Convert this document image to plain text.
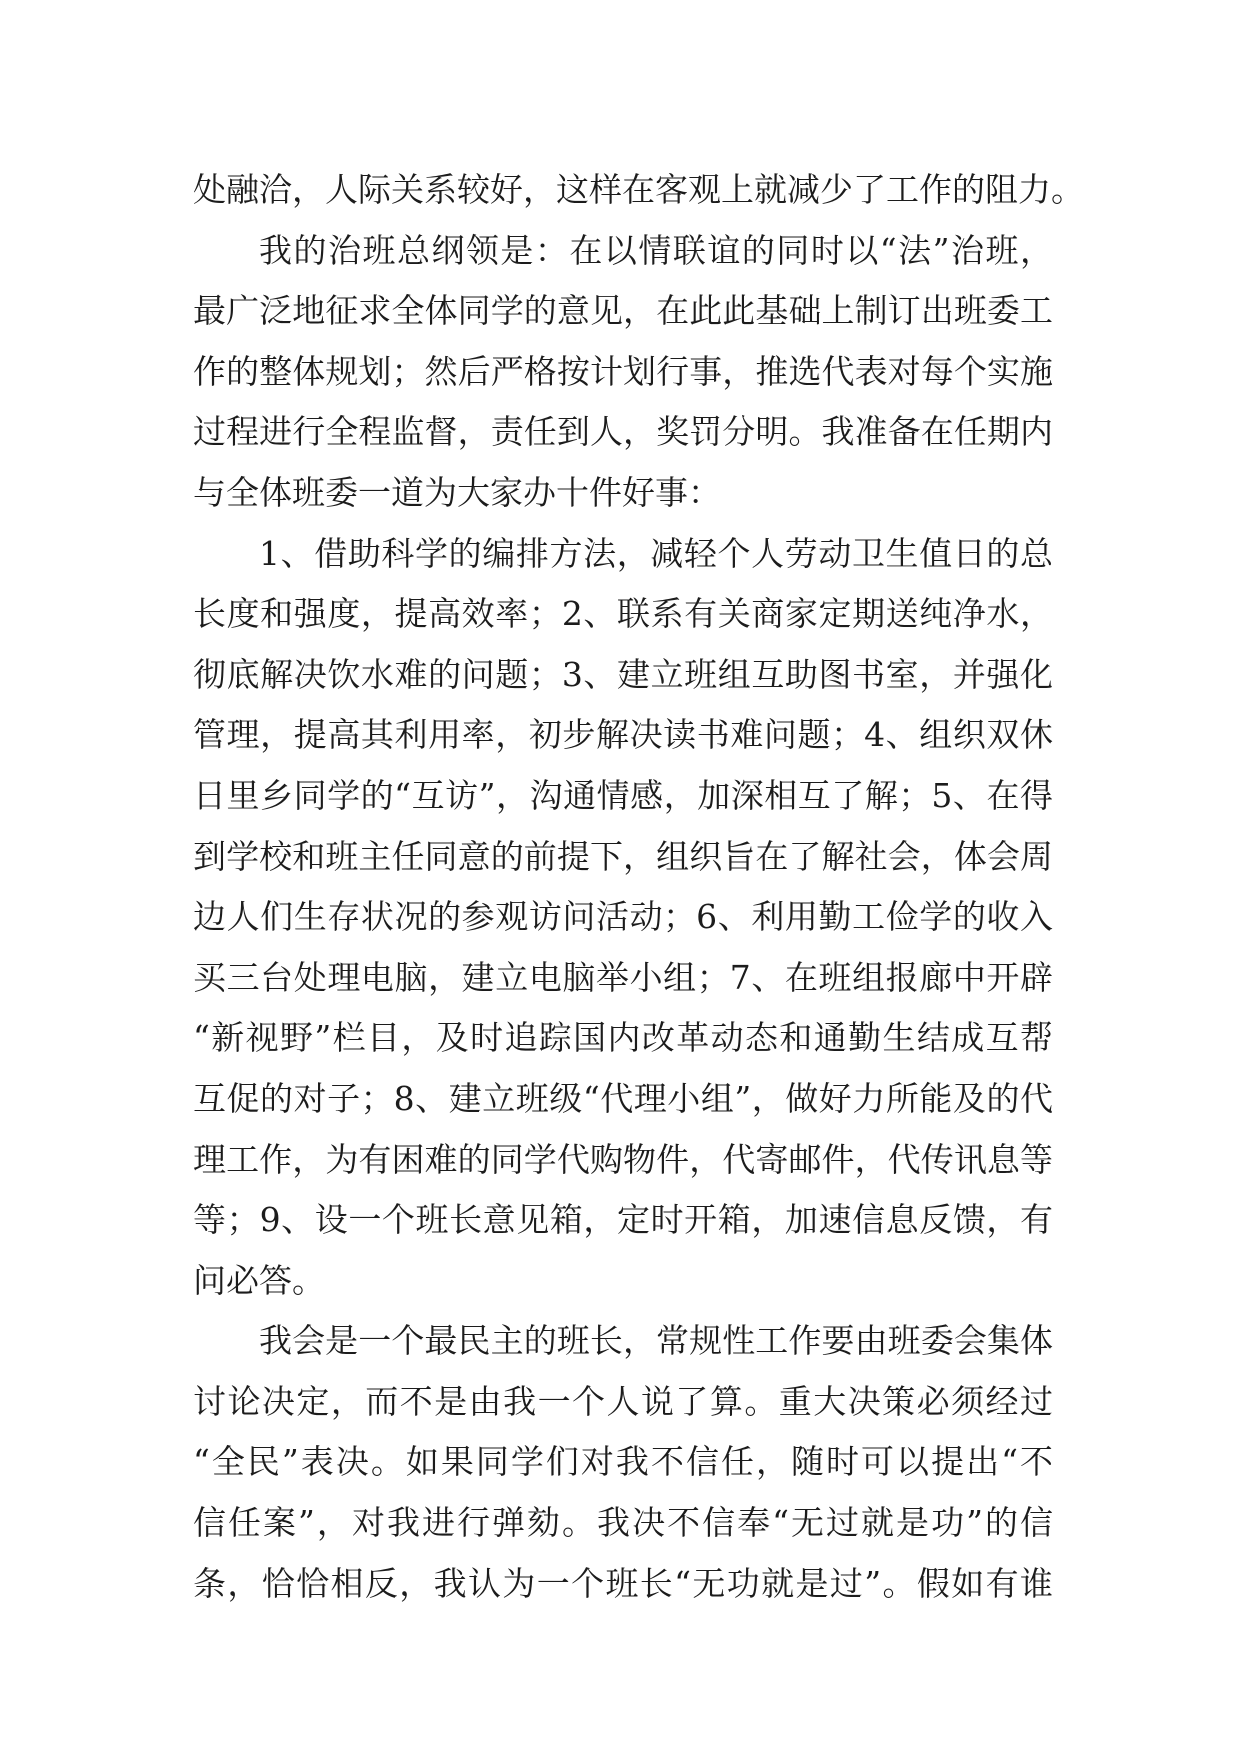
处融洽，人际关系较好，这样在客观上就减少了工作的阻力。
我的治班总纲领是：在以情联谊的同时以“法”治班，
最广泛地征求全体同学的意见，在此此基础上制订出班委工
作的整体规划；然后严格按计划行事，推选代表对每个实施
过程进行全程监督，责任到人，奖罚分明。我准备在任期内
与全体班委一道为大家办十件好事：
1、借助科学的编排方法，减轻个人劳动卫生值日的总
长度和强度，提高效率；2、联系有关商家定期送纯净水，
彻底解决饮水难的问题；3、建立班组互助图书室，并强化
管理，提高其利用率，初步解决读书难问题；4、组织双休
日里乡同学的“互访”，沟通情感，加深相互了解；5、在得
到学校和班主任同意的前提下，组织旨在了解社会，体会周
边人们生存状况的参观访问活动；6、利用勤工俭学的收入
买三台处理电脑，建立电脑举小组；7、在班组报廊中开辟
“新视野”栏目，及时追踪国内改革动态和通勤生结成互帮
互促的对子；8、建立班级“代理小组”，做好力所能及的代
理工作，为有困难的同学代购物件，代寄邮件，代传讯息等
等；9、设一个班长意见箱，定时开箱，加速信息反馈，有
问必答。
我会是一个最民主的班长，常规性工作要由班委会集体
讨论决定，而不是由我一个人说了算。重大决策必须经过
“全民”表决。如果同学们对我不信任，随时可以提出“不
信任案”，对我进行弹劾。我决不信奉“无过就是功”的信
条，恰恰相反，我认为一个班长“无功就是过”。假如有谁
